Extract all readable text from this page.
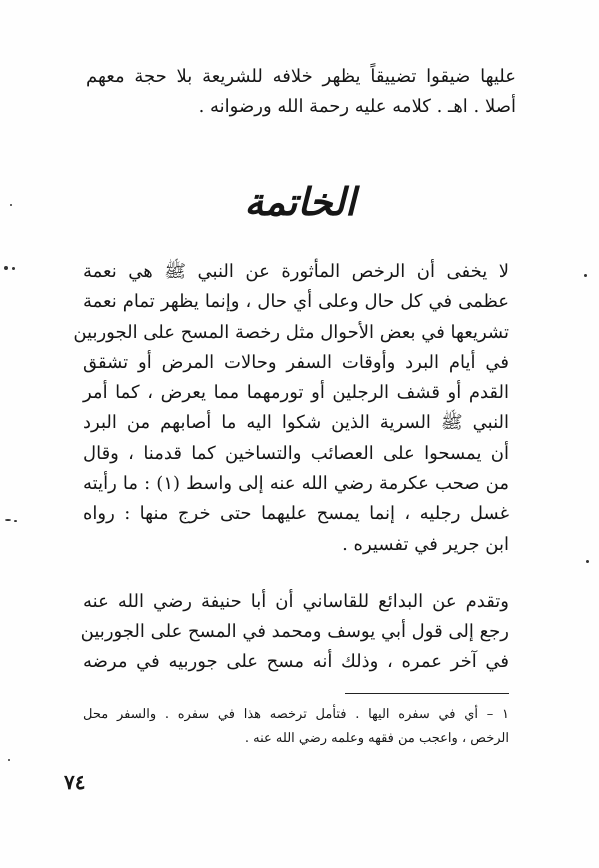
عليها ضيقوا تضييقاً يظهر خلافه للشريعة بلا حجة معهم
أصلا . اهـ . كلامه عليه رحمة الله ورضوانه .
الخاتمة
لا يخفى أن الرخص المأثورة عن النبي ﷺ هي نعمة
عظمى في كل حال وعلى أي حال ، وإنما يظهر تمام نعمة
تشريعها في بعض الأحوال مثل رخصة المسح على الجوربين
في أيام البرد وأوقات السفر وحالات المرض أو تشقق
القدم أو قشف الرجلين أو تورمهما مما يعرض ، كما أمر
النبي ﷺ السرية الذين شكوا اليه ما أصابهم من البرد
أن يمسحوا على العصائب والتساخين كما قدمنا ، وقال
من صحب عكرمة رضي الله عنه إلى واسط (١) : ما رأيته
غسل رجليه ، إنما يمسح عليهما حتى خرج منها : رواه
ابن جرير في تفسيره .
وتقدم عن البدائع للقاساني أن أبا حنيفة رضي الله عنه
رجع إلى قول أبي يوسف ومحمد في المسح على الجوربين
في آخر عمره ، وذلك أنه مسح على جوربيه في مرضه
١ – أي في سفره اليها . فتأمل ترخصه هذا في سفره . والسفر محل
الرخص ، واعجب من فقهه وعلمه رضي الله عنه .
٧٤
